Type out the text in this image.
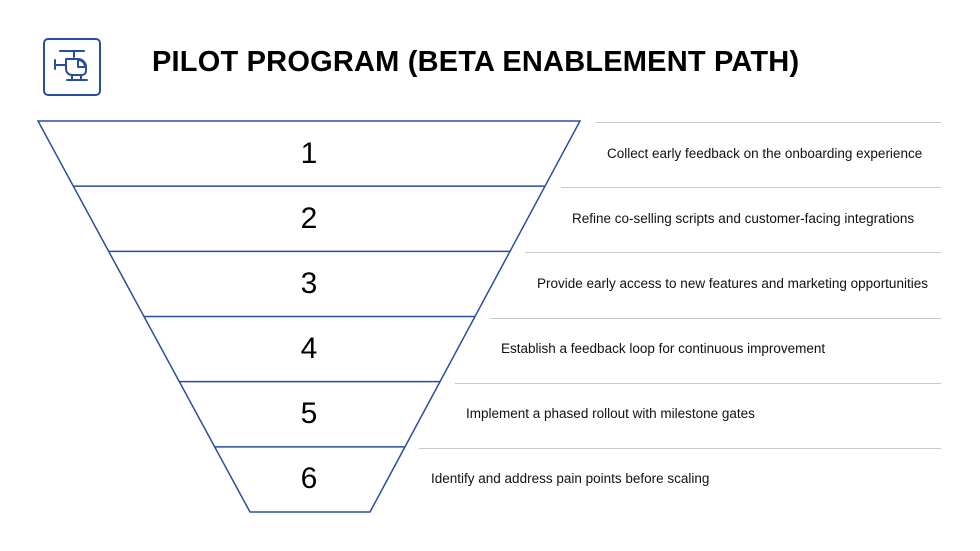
PILOT PROGRAM (BETA ENABLEMENT PATH)
1	Collect early feedback on the onboarding experience
2	Refine co-selling scripts and customer-facing integrations
3	Provide early access to new features and marketing opportunities
4	Establish a feedback loop for continuous improvement
5	Implement a phased rollout with milestone gates
6	Identify and address pain points before scaling
